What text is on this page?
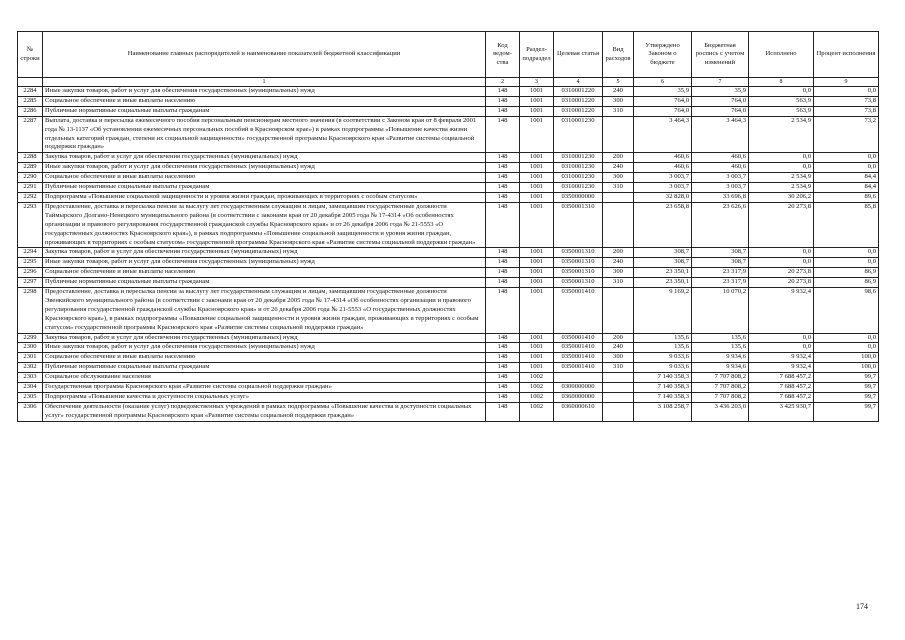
№ строки	Наименование главных распорядителей и наименование показателей бюджетной классификации	Код ведом-ства	Раздел-подраздел	Целевая статья	Вид расходов	Утверждено Законом о бюджете	Бюджетная роспись с учетом изменений	Исполнено	Процент исполнения
	1	2	3	4	5	6	7	8	9
2284	Иные закупки товаров, работ и услуг для обеспечения государственных (муниципальных) нужд	148	1001	0310001220	240	35,9	35,9	0,0	0,0
2285	Социальное обеспечение и иные выплаты населению	148	1001	0310001220	300	764,0	764,0	563,9	73,8
2286	Публичные нормативные социальные выплаты гражданам	148	1001	0310001220	310	764,0	764,0	563,9	73,8
2287	Выплата, доставка и пересылка ежемесячного пособия персональным пенсионерам местного значения (в соответствии с Законом края от 8 февраля 2001 года № 13-1137 «Об установлении ежемесячных персональных пособий в Красноярском крае») в рамках подпрограммы «Повышение качества жизни отдельных категорий граждан, степени их социальной защищенности» государственной программы Красноярского края «Развитие системы социальной поддержки граждан»	148	1001	0310001230		3 464,3	3 464,3	2 534,9	73,2
2288	Закупка товаров, работ и услуг для обеспечения государственных (муниципальных) нужд	148	1001	0310001230	200	460,6	460,6	0,0	0,0
2289	Иные закупки товаров, работ и услуг для обеспечения государственных (муниципальных) нужд	148	1001	0310001230	240	460,6	460,6	0,0	0,0
2290	Социальное обеспечение и иные выплаты населению	148	1001	0310001230	300	3 003,7	3 003,7	2 534,9	84,4
2291	Публичные нормативные социальные выплаты гражданам	148	1001	0310001230	310	3 003,7	3 003,7	2 534,9	84,4
2292	Подпрограмма «Повышение социальной защищенности и уровня жизни граждан, проживающих в территориях с особым статусом»	148	1001	0350000000		32 828,0	33 696,8	30 206,2	89,6
2293	Предоставление, доставка и пересылка пенсии за выслугу лет государственным служащим и лицам, замещавшим государственные должности Таймырского Долгано-Ненецкого муниципального района (в соответствии с законами края от 20 декабря 2005 года № 17-4314 «Об особенностях организации и правового регулирования государственной гражданской службы Красноярского края» и от 26 декабря 2006 года № 21-5553 «О государственных должностях Красноярского края»), в рамках подпрограммы «Повышение социальной защищенности и уровня жизни граждан, проживающих в территориях с особым статусом» государственной программы Красноярского края «Развитие системы социальной поддержки граждан»	148	1001	0350001310		23 658,8	23 626,6	20 273,8	85,8
2294	Закупка товаров, работ и услуг для обеспечения государственных (муниципальных) нужд	148	1001	0350001310	200	308,7	308,7	0,0	0,0
2295	Иные закупки товаров, работ и услуг для обеспечения государственных (муниципальных) нужд	148	1001	0350001310	240	308,7	308,7	0,0	0,0
2296	Социальное обеспечение и иные выплаты населению	148	1001	0350001310	300	23 350,1	23 317,9	20 273,8	86,9
2297	Публичные нормативные социальные выплаты гражданам	148	1001	0350001310	310	23 350,1	23 317,9	20 273,8	86,9
2298	Предоставление, доставка и пересылка пенсии за выслугу лет государственным служащим и лицам, замещавшим государственные должности Эвенкийского муниципального района (в соответствии с законами края от 20 декабря 2005 года № 17-4314 «Об особенностях организации и правового регулирования государственной гражданской службы Красноярского края» и от 26 декабря 2006 года № 21-5553 «О государственных должностях Красноярского края»), в рамках подпрограммы «Повышение социальной защищенности и уровня жизни граждан, проживающих в территориях с особым статусом» государственной программы Красноярского края «Развитие системы социальной поддержки граждан»	148	1001	0350001410		9 169,2	10 070,2	9 932,4	98,6
2299	Закупка товаров, работ и услуг для обеспечения государственных (муниципальных) нужд	148	1001	0350001410	200	135,6	135,6	0,0	0,0
2300	Иные закупки товаров, работ и услуг для обеспечения государственных (муниципальных) нужд	148	1001	0350001410	240	135,6	135,6	0,0	0,0
2301	Социальное обеспечение и иные выплаты населению	148	1001	0350001410	300	9 033,6	9 934,6	9 932,4	100,0
2302	Публичные нормативные социальные выплаты гражданам	148	1001	0350001410	310	9 033,6	9 934,6	9 932,4	100,0
2303	Социальное обслуживание населения	148	1002			7 140 358,3	7 707 808,2	7 688 457,2	99,7
2304	Государственная программа Красноярского края «Развитие системы социальной поддержки граждан»	148	1002	0300000000		7 140 358,3	7 707 808,2	7 688 457,2	99,7
2305	Подпрограмма «Повышение качества и доступности социальных услуг»	148	1002	0360000000		7 140 358,3	7 707 808,2	7 688 457,2	99,7
2306	Обеспечение деятельности (оказание услуг) подведомственных учреждений в рамках подпрограммы «Повышение качества и доступности социальных услуг» государственной программы Красноярского края «Развитие системы социальной поддержки граждан»	148	1002	0360000610		3 108 258,7	3 436 203,0	3 425 930,7	99,7
174
